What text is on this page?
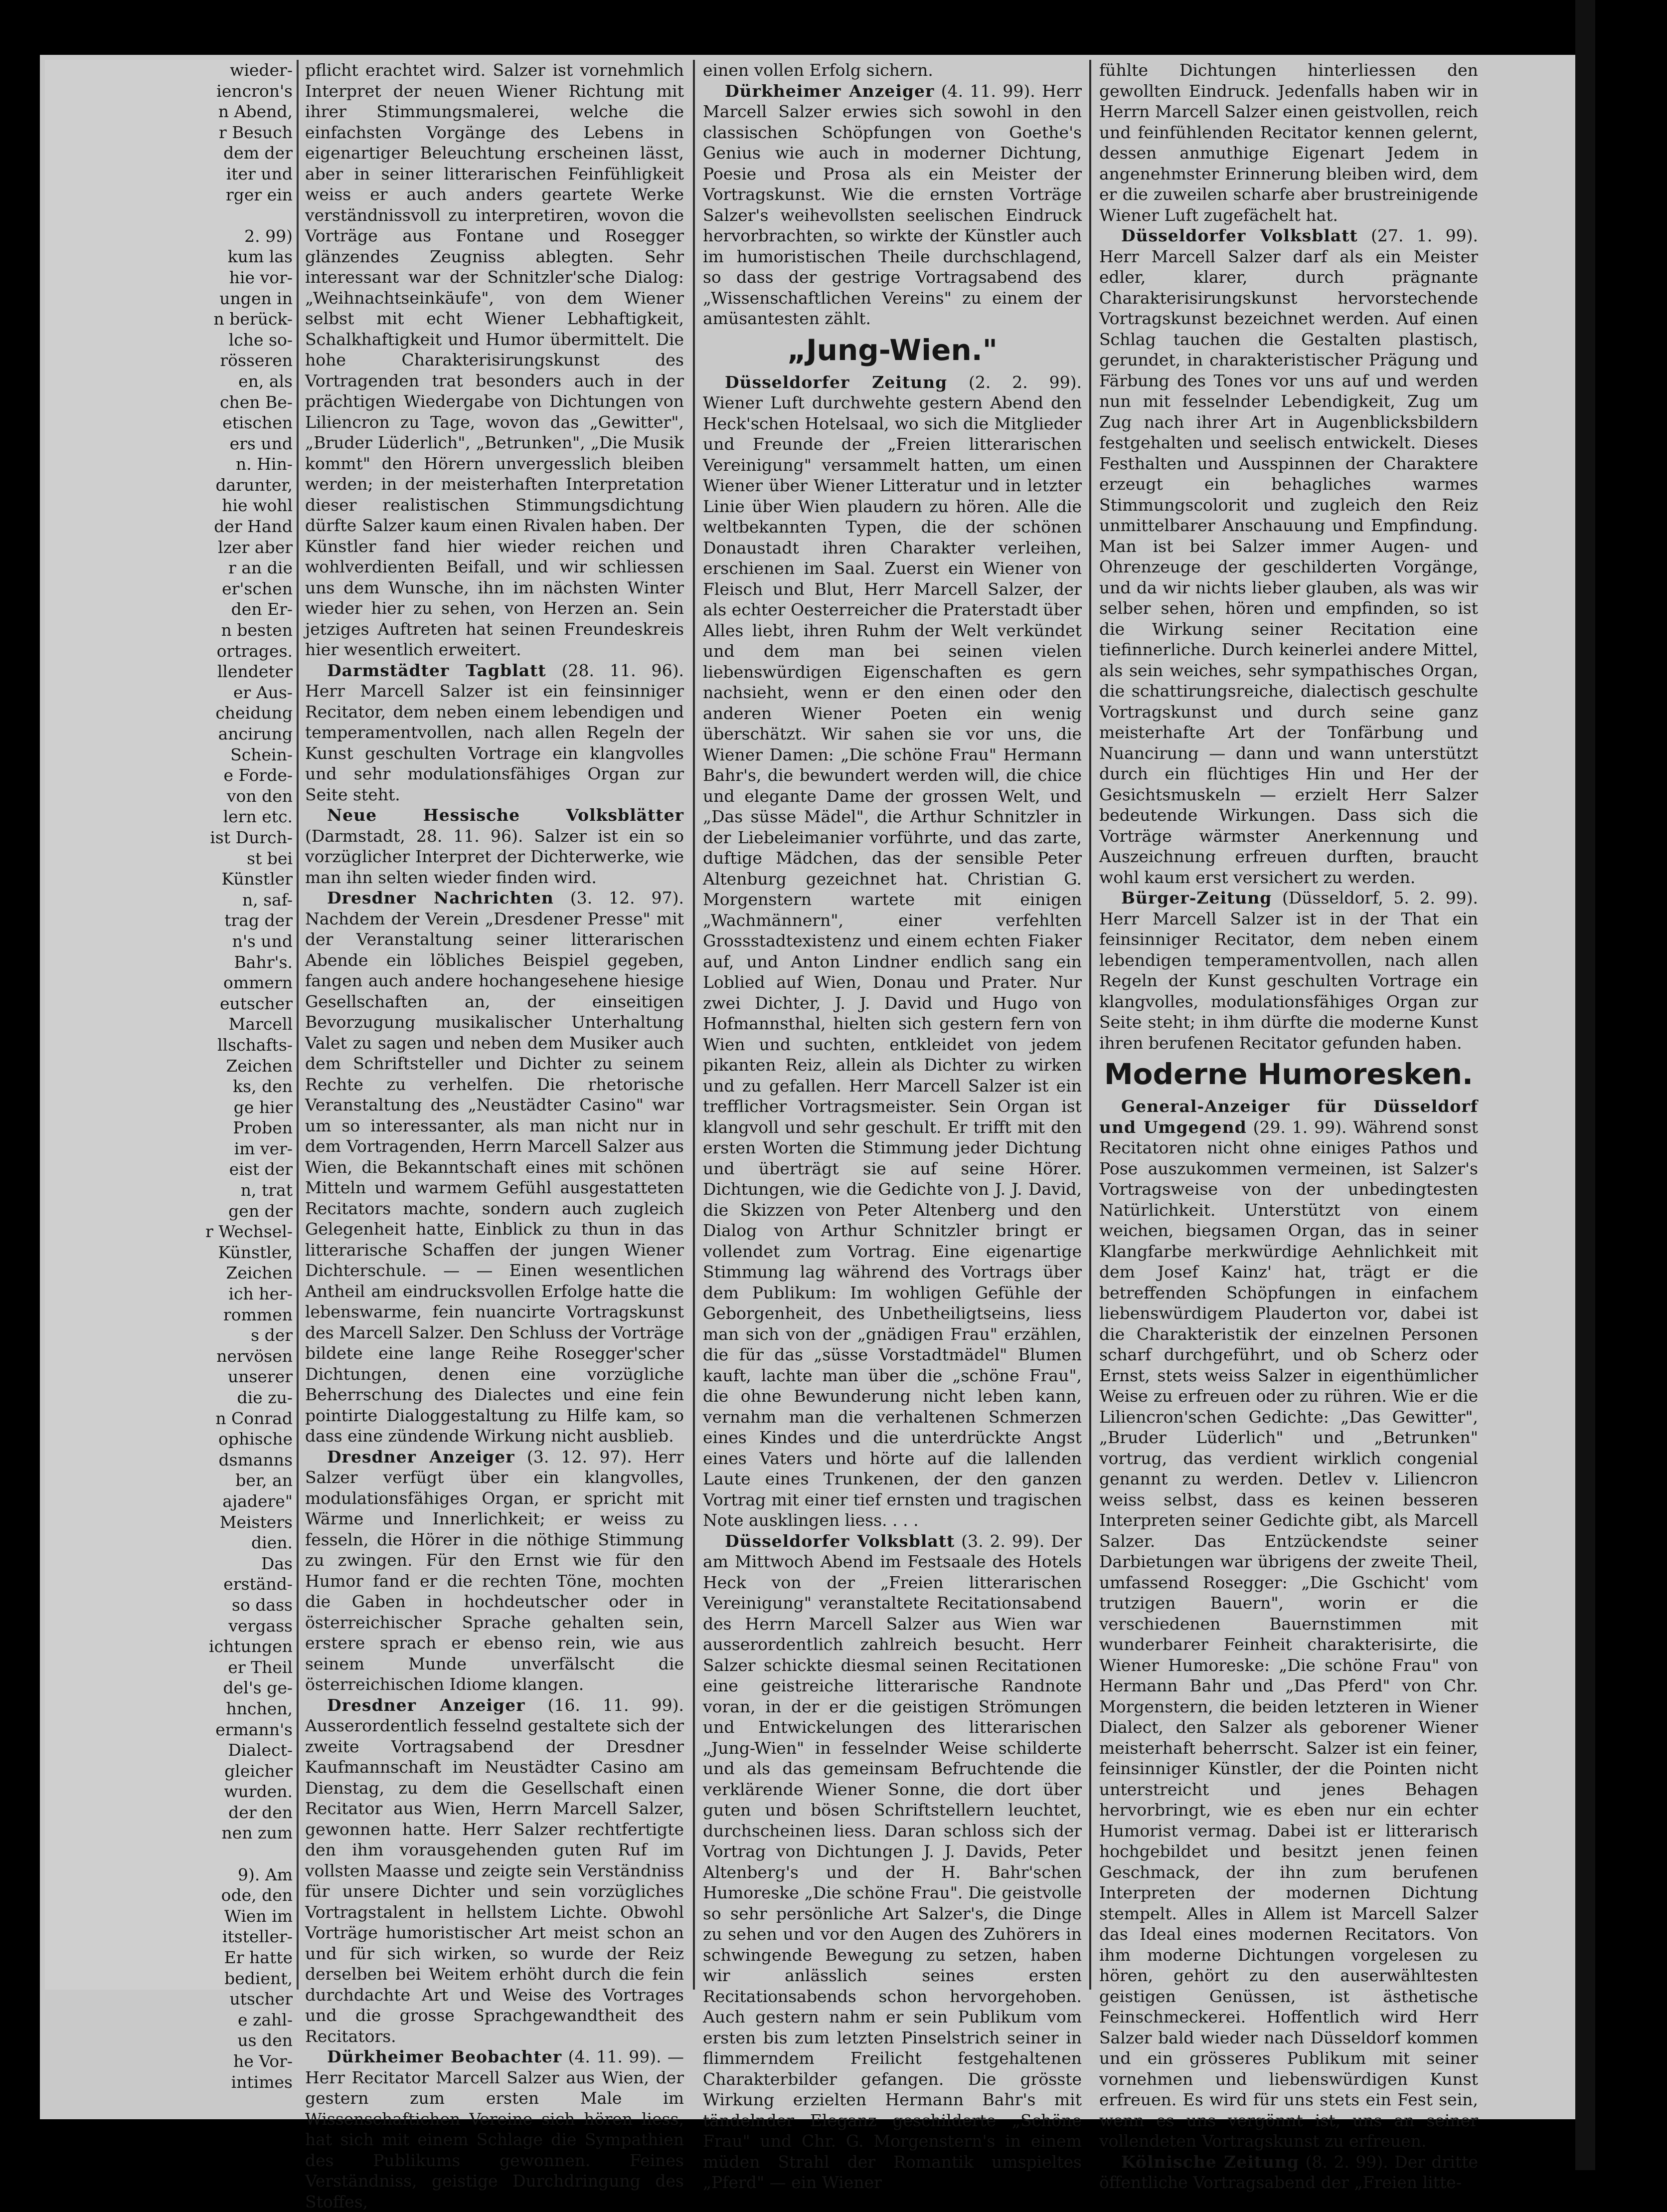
wieder-

iencron's

n Abend,

r Besuch

dem der

iter und

rger ein

2. 99)

kum las

hie vor-

ungen in

n berück-

lche so-

rösseren

en, als

chen Be-

etischen

ers und

n. Hin-

darunter,

hie wohl

der Hand

lzer aber

r an die

er'schen

den Er-

n besten

ortrages.

llendeter

er Aus-

cheidung

ancirung

Schein-

e Forde-

von den

lern etc.

ist Durch-

st bei

Künstler

n, saf-

trag der

n's und

Bahr's.

ommern

eutscher

Marcell

llschafts-

Zeichen

ks, den

ge hier

Proben

im ver-

eist der

n, trat

gen der

r Wechsel-

Künstler,

Zeichen

ich her-

rommen

s der

nervösen

unserer

die zu-

n Conrad

ophische

dsmanns

ber, an

ajadere"

Meisters

dien.

Das

erständ-

so dass

vergass

ichtungen

er Theil

del's ge-

hnchen,

ermann's

Dialect-

gleicher

wurden.

der den

nen zum

9). Am

ode, den

Wien im

itsteller-

Er hatte

bedient,

utscher

e zahl-

us den

he Vor-

intimes

pflicht erachtet wird. Salzer ist vornehmlich Interpret der neuen Wiener Richtung mit ihrer Stimmungsmalerei, welche die einfachsten Vorgänge des Lebens in eigenartiger Beleuchtung erscheinen lässt, aber in seiner litterarischen Feinfühligkeit weiss er auch anders geartete Werke verständnissvoll zu interpretiren, wovon die Vorträge aus Fontane und Rosegger glänzendes Zeugniss ablegten. Sehr interessant war der Schnitzler'sche Dialog: „Weihnachtseinkäufe", von dem Wiener selbst mit echt Wiener Lebhaftigkeit, Schalkhaftigkeit und Humor übermittelt. Die hohe Charakterisirungskunst des Vortragenden trat besonders auch in der prächtigen Wiedergabe von Dichtungen von Liliencron zu Tage, wovon das „Gewitter", „Bruder Lüderlich", „Betrunken", „Die Musik kommt" den Hörern unvergesslich bleiben werden; in der meisterhaften Interpretation dieser realistischen Stimmungsdichtung dürfte Salzer kaum einen Rivalen haben. Der Künstler fand hier wieder reichen und wohlverdienten Beifall, und wir schliessen uns dem Wunsche, ihn im nächsten Winter wieder hier zu sehen, von Herzen an. Sein jetziges Auftreten hat seinen Freundeskreis hier wesentlich erweitert.

Darmstädter Tagblatt (28. 11. 96). Herr Marcell Salzer ist ein feinsinniger Recitator, dem neben einem lebendigen und temperamentvollen, nach allen Regeln der Kunst geschulten Vortrage ein klangvolles und sehr modulationsfähiges Organ zur Seite steht.

Neue Hessische Volksblätter (Darmstadt, 28. 11. 96). Salzer ist ein so vorzüglicher Interpret der Dichterwerke, wie man ihn selten wieder finden wird.

Dresdner Nachrichten (3. 12. 97). Nachdem der Verein „Dresdener Presse" mit der Veranstaltung seiner litterarischen Abende ein löbliches Beispiel gegeben, fangen auch andere hochangesehene hiesige Gesellschaften an, der einseitigen Bevorzugung musikalischer Unterhaltung Valet zu sagen und neben dem Musiker auch dem Schriftsteller und Dichter zu seinem Rechte zu verhelfen. Die rhetorische Veranstaltung des „Neustädter Casino" war um so interessanter, als man nicht nur in dem Vortragenden, Herrn Marcell Salzer aus Wien, die Bekanntschaft eines mit schönen Mitteln und warmem Gefühl ausgestatteten Recitators machte, sondern auch zugleich Gelegenheit hatte, Einblick zu thun in das litterarische Schaffen der jungen Wiener Dichterschule. — — Einen wesentlichen Antheil am eindrucksvollen Erfolge hatte die lebenswarme, fein nuancirte Vortragskunst des Marcell Salzer. Den Schluss der Vorträge bildete eine lange Reihe Rosegger'scher Dichtungen, denen eine vorzügliche Beherrschung des Dialectes und eine fein pointirte Dialoggestaltung zu Hilfe kam, so dass eine zündende Wirkung nicht ausblieb.

Dresdner Anzeiger (3. 12. 97). Herr Salzer verfügt über ein klangvolles, modulationsfähiges Organ, er spricht mit Wärme und Innerlichkeit; er weiss zu fesseln, die Hörer in die nöthige Stimmung zu zwingen. Für den Ernst wie für den Humor fand er die rechten Töne, mochten die Gaben in hochdeutscher oder in österreichischer Sprache gehalten sein, erstere sprach er ebenso rein, wie aus seinem Munde unverfälscht die österreichischen Idiome klangen.

Dresdner Anzeiger (16. 11. 99). Ausserordentlich fesselnd gestaltete sich der zweite Vortragsabend der Dresdner Kaufmannschaft im Neustädter Casino am Dienstag, zu dem die Gesellschaft einen Recitator aus Wien, Herrn Marcell Salzer, gewonnen hatte. Herr Salzer rechtfertigte den ihm vorausgehenden guten Ruf im vollsten Maasse und zeigte sein Verständniss für unsere Dichter und sein vorzügliches Vortragstalent in hellstem Lichte. Obwohl Vorträge humoristischer Art meist schon an und für sich wirken, so wurde der Reiz derselben bei Weitem erhöht durch die fein durchdachte Art und Weise des Vortrages und die grosse Sprachgewandtheit des Recitators.

Dürkheimer Beobachter (4. 11. 99). — Herr Recitator Marcell Salzer aus Wien, der gestern zum ersten Male im Wissenschaftichen Vereine sich hören liess, hat sich mit einem Schlage die Sympathien des Publikums gewonnen. Feines Verständniss, geistige Durchdringung des Stoffes,

einen vollen Erfolg sichern.

Dürkheimer Anzeiger (4. 11. 99). Herr Marcell Salzer erwies sich sowohl in den classischen Schöpfungen von Goethe's Genius wie auch in moderner Dichtung, Poesie und Prosa als ein Meister der Vortragskunst. Wie die ernsten Vorträge Salzer's weihevollsten seelischen Eindruck hervorbrachten, so wirkte der Künstler auch im humoristischen Theile durchschlagend, so dass der gestrige Vortragsabend des „Wissenschaftlichen Vereins" zu einem der amüsantesten zählt.

„Jung-Wien."

Düsseldorfer Zeitung (2. 2. 99). Wiener Luft durchwehte gestern Abend den Heck'schen Hotelsaal, wo sich die Mitglieder und Freunde der „Freien litterarischen Vereinigung" versammelt hatten, um einen Wiener über Wiener Litteratur und in letzter Linie über Wien plaudern zu hören. Alle die weltbekannten Typen, die der schönen Donaustadt ihren Charakter verleihen, erschienen im Saal. Zuerst ein Wiener von Fleisch und Blut, Herr Marcell Salzer, der als echter Oesterreicher die Praterstadt über Alles liebt, ihren Ruhm der Welt verkündet und dem man bei seinen vielen liebenswürdigen Eigenschaften es gern nachsieht, wenn er den einen oder den anderen Wiener Poeten ein wenig überschätzt. Wir sahen sie vor uns, die Wiener Damen: „Die schöne Frau" Hermann Bahr's, die bewundert werden will, die chice und elegante Dame der grossen Welt, und „Das süsse Mädel", die Arthur Schnitzler in der Liebeleimanier vorführte, und das zarte, duftige Mädchen, das der sensible Peter Altenburg gezeichnet hat. Christian G. Morgenstern wartete mit einigen „Wachmännern", einer verfehlten Grossstadtexistenz und einem echten Fiaker auf, und Anton Lindner endlich sang ein Loblied auf Wien, Donau und Prater. Nur zwei Dichter, J. J. David und Hugo von Hofmannsthal, hielten sich gestern fern von Wien und suchten, entkleidet von jedem pikanten Reiz, allein als Dichter zu wirken und zu gefallen. Herr Marcell Salzer ist ein trefflicher Vortragsmeister. Sein Organ ist klangvoll und sehr geschult. Er trifft mit den ersten Worten die Stimmung jeder Dichtung und überträgt sie auf seine Hörer. Dichtungen, wie die Gedichte von J. J. David, die Skizzen von Peter Altenberg und den Dialog von Arthur Schnitzler bringt er vollendet zum Vortrag. Eine eigenartige Stimmung lag während des Vortrags über dem Publikum: Im wohligen Gefühle der Geborgenheit, des Unbetheiligtseins, liess man sich von der „gnädigen Frau" erzählen, die für das „süsse Vorstadtmädel" Blumen kauft, lachte man über die „schöne Frau", die ohne Bewunderung nicht leben kann, vernahm man die verhaltenen Schmerzen eines Kindes und die unterdrückte Angst eines Vaters und hörte auf die lallenden Laute eines Trunkenen, der den ganzen Vortrag mit einer tief ernsten und tragischen Note ausklingen liess. . . .

Düsseldorfer Volksblatt (3. 2. 99). Der am Mittwoch Abend im Festsaale des Hotels Heck von der „Freien litterarischen Vereinigung" veranstaltete Recitationsabend des Herrn Marcell Salzer aus Wien war ausserordentlich zahlreich besucht. Herr Salzer schickte diesmal seinen Recitationen eine geistreiche litterarische Randnote voran, in der er die geistigen Strömungen und Entwickelungen des litterarischen „Jung-Wien" in fesselnder Weise schilderte und als das gemeinsam Befruchtende die verklärende Wiener Sonne, die dort über guten und bösen Schriftstellern leuchtet, durchscheinen liess. Daran schloss sich der Vortrag von Dichtungen J. J. Davids, Peter Altenberg's und der H. Bahr'schen Humoreske „Die schöne Frau". Die geistvolle so sehr persönliche Art Salzer's, die Dinge zu sehen und vor den Augen des Zuhörers in schwingende Bewegung zu setzen, haben wir anlässlich seines ersten Recitationsabends schon hervorgehoben. Auch gestern nahm er sein Publikum vom ersten bis zum letzten Pinselstrich seiner in flimmerndem Freilicht festgehaltenen Charakterbilder gefangen. Die grösste Wirkung erzielten Hermann Bahr's mit tändelnder Eleganz geschilderte „Schöne Frau" und Chr. G. Morgenstern's in einem müden Strahl der Romantik umspieltes „Pferd" — ein Wiener

fühlte Dichtungen hinterliessen den gewollten Eindruck. Jedenfalls haben wir in Herrn Marcell Salzer einen geistvollen, reich und feinfühlenden Recitator kennen gelernt, dessen anmuthige Eigenart Jedem in angenehmster Erinnerung bleiben wird, dem er die zuweilen scharfe aber brustreinigende Wiener Luft zugefächelt hat.

Düsseldorfer Volksblatt (27. 1. 99). Herr Marcell Salzer darf als ein Meister edler, klarer, durch prägnante Charakterisirungskunst hervorstechende Vortragskunst bezeichnet werden. Auf einen Schlag tauchen die Gestalten plastisch, gerundet, in charakteristischer Prägung und Färbung des Tones vor uns auf und werden nun mit fesselnder Lebendigkeit, Zug um Zug nach ihrer Art in Augenblicksbildern festgehalten und seelisch entwickelt. Dieses Festhalten und Ausspinnen der Charaktere erzeugt ein behagliches warmes Stimmungscolorit und zugleich den Reiz unmittelbarer Anschauung und Empfindung. Man ist bei Salzer immer Augen- und Ohrenzeuge der geschilderten Vorgänge, und da wir nichts lieber glauben, als was wir selber sehen, hören und empfinden, so ist die Wirkung seiner Recitation eine tiefinnerliche. Durch keinerlei andere Mittel, als sein weiches, sehr sympathisches Organ, die schattirungsreiche, dialectisch geschulte Vortragskunst und durch seine ganz meisterhafte Art der Tonfärbung und Nuancirung — dann und wann unterstützt durch ein flüchtiges Hin und Her der Gesichtsmuskeln — erzielt Herr Salzer bedeutende Wirkungen. Dass sich die Vorträge wärmster Anerkennung und Auszeichnung erfreuen durften, braucht wohl kaum erst versichert zu werden.

Bürger-Zeitung (Düsseldorf, 5. 2. 99). Herr Marcell Salzer ist in der That ein feinsinniger Recitator, dem neben einem lebendigen temperamentvollen, nach allen Regeln der Kunst geschulten Vortrage ein klangvolles, modulationsfähiges Organ zur Seite steht; in ihm dürfte die moderne Kunst ihren berufenen Recitator gefunden haben.

Moderne Humoresken.

General-Anzeiger für Düsseldorf und Umgegend (29. 1. 99). Während sonst Recitatoren nicht ohne einiges Pathos und Pose auszukommen vermeinen, ist Salzer's Vortragsweise von der unbedingtesten Natürlichkeit. Unterstützt von einem weichen, biegsamen Organ, das in seiner Klangfarbe merkwürdige Aehnlichkeit mit dem Josef Kainz' hat, trägt er die betreffenden Schöpfungen in einfachem liebenswürdigem Plauderton vor, dabei ist die Charakteristik der einzelnen Personen scharf durchgeführt, und ob Scherz oder Ernst, stets weiss Salzer in eigenthümlicher Weise zu erfreuen oder zu rühren. Wie er die Liliencron'schen Gedichte: „Das Gewitter", „Bruder Lüderlich" und „Betrunken" vortrug, das verdient wirklich congenial genannt zu werden. Detlev v. Liliencron weiss selbst, dass es keinen besseren Interpreten seiner Gedichte gibt, als Marcell Salzer. Das Entzückendste seiner Darbietungen war übrigens der zweite Theil, umfassend Rosegger: „Die Gschicht' vom trutzigen Bauern", worin er die verschiedenen Bauernstimmen mit wunderbarer Feinheit charakterisirte, die Wiener Humoreske: „Die schöne Frau" von Hermann Bahr und „Das Pferd" von Chr. Morgenstern, die beiden letzteren in Wiener Dialect, den Salzer als geborener Wiener meisterhaft beherrscht. Salzer ist ein feiner, feinsinniger Künstler, der die Pointen nicht unterstreicht und jenes Behagen hervorbringt, wie es eben nur ein echter Humorist vermag. Dabei ist er litterarisch hochgebildet und besitzt jenen feinen Geschmack, der ihn zum berufenen Interpreten der modernen Dichtung stempelt. Alles in Allem ist Marcell Salzer das Ideal eines modernen Recitators. Von ihm moderne Dichtungen vorgelesen zu hören, gehört zu den auserwähltesten geistigen Genüssen, ist ästhetische Feinschmeckerei. Hoffentlich wird Herr Salzer bald wieder nach Düsseldorf kommen und ein grösseres Publikum mit seiner vornehmen und liebenswürdigen Kunst erfreuen. Es wird für uns stets ein Fest sein, wenn es uns vergönnt ist, uns an seiner vollendeten Vortragskunst zu erfreuen.

Kölnische Zeitung (8. 2. 99). Der dritte öffentliche Vortragsabend der „Freien litte-
